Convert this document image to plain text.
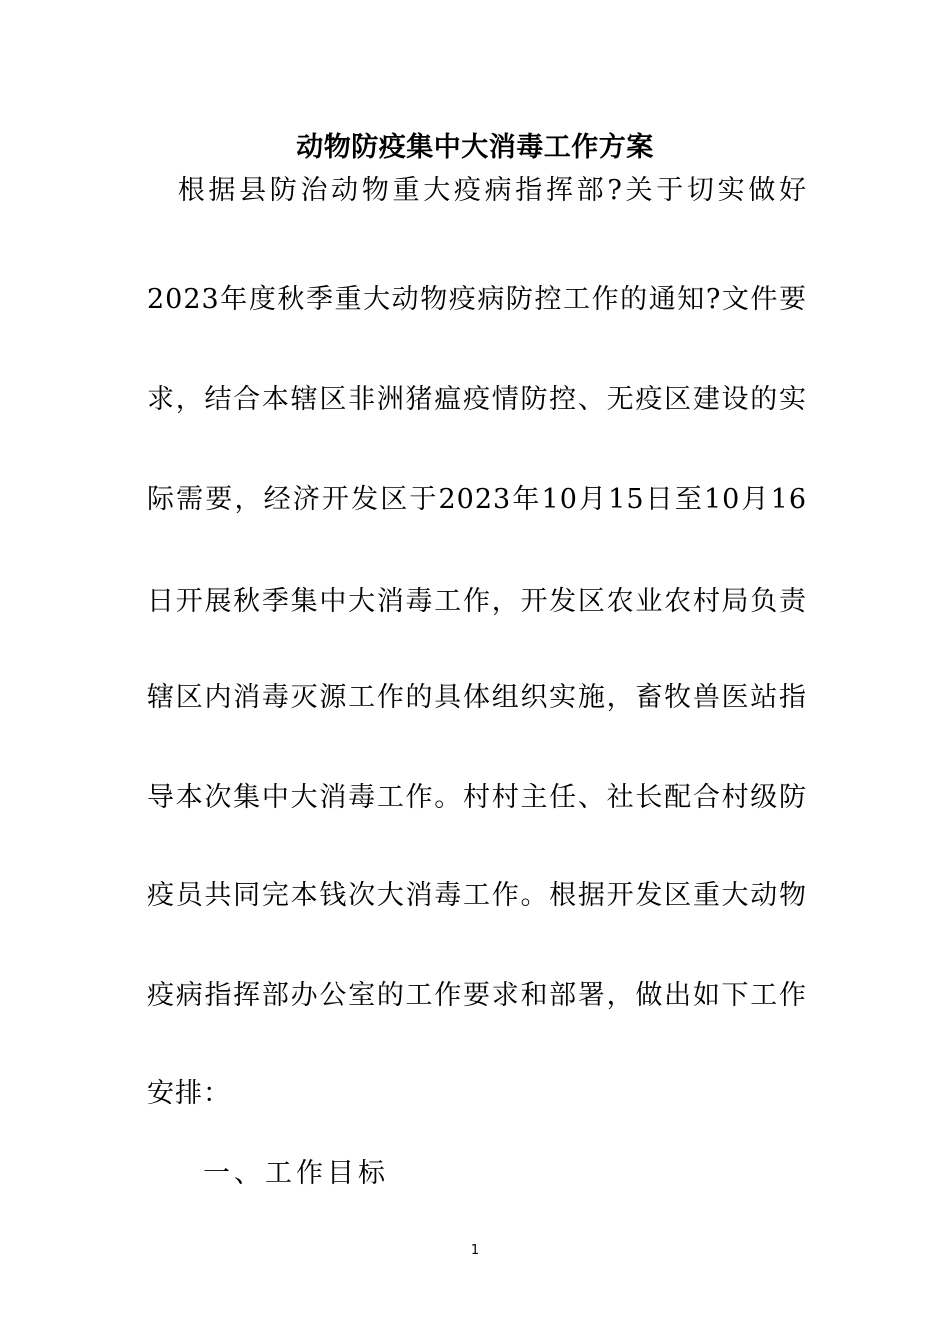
动物防疫集中大消毒工作方案
　根据县防治动物重大疫病指挥部?关于切实做好
2023年度秋季重大动物疫病防控工作的通知?文件要
求，结合本辖区非洲猪瘟疫情防控、无疫区建设的实
际需要，经济开发区于2023年10月15日至10月16
日开展秋季集中大消毒工作，开发区农业农村局负责
辖区内消毒灭源工作的具体组织实施，畜牧兽医站指
导本次集中大消毒工作。村村主任、社长配合村级防
疫员共同完本钱次大消毒工作。根据开发区重大动物
疫病指挥部办公室的工作要求和部署，做出如下工作
安排：
一、工作目标
1
